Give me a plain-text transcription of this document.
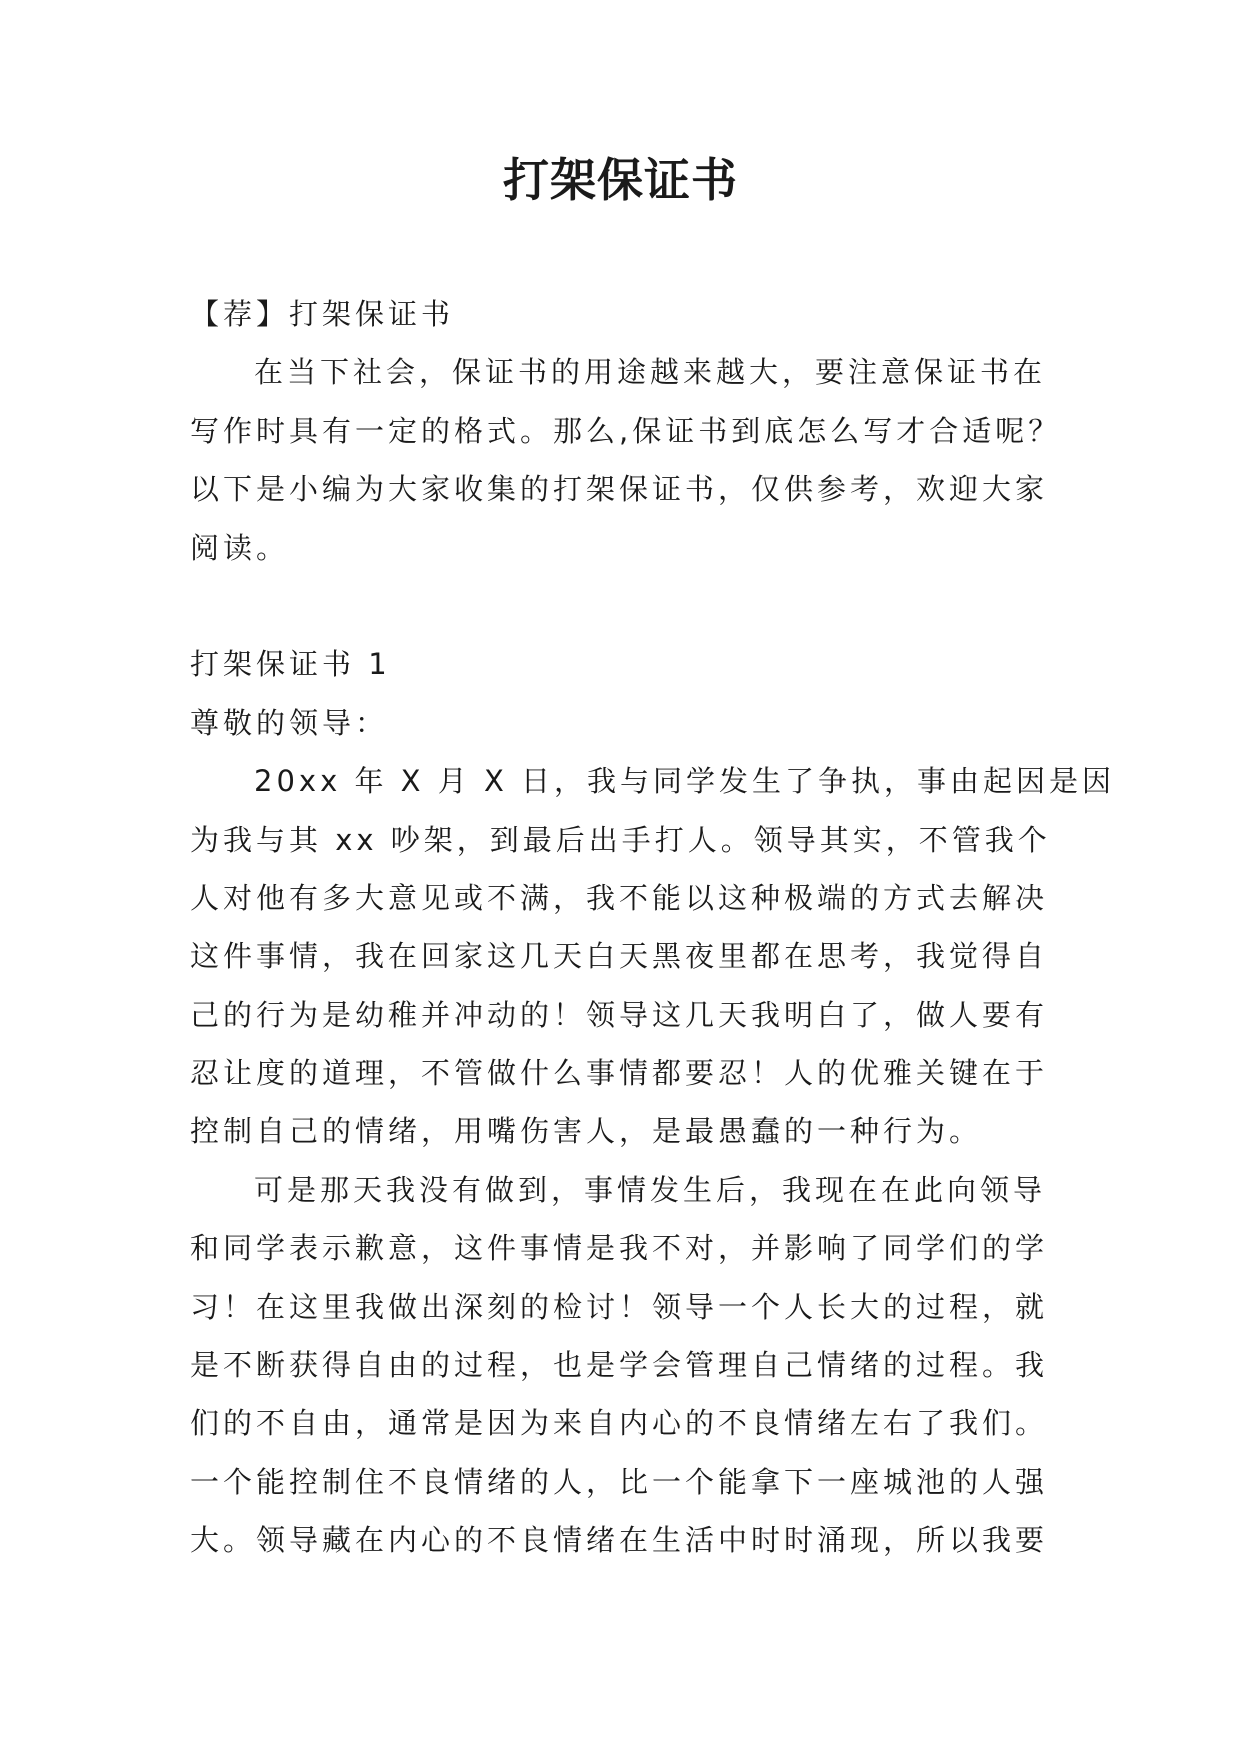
打架保证书
【荐】打架保证书
在当下社会，保证书的用途越来越大，要注意保证书在
写作时具有一定的格式。那么,保证书到底怎么写才合适呢？
以下是小编为大家收集的打架保证书，仅供参考，欢迎大家
阅读。
打架保证书 1
尊敬的领导：
20xx 年 X 月 X 日，我与同学发生了争执，事由起因是因
为我与其 xx 吵架，到最后出手打人。领导其实，不管我个
人对他有多大意见或不满，我不能以这种极端的方式去解决
这件事情，我在回家这几天白天黑夜里都在思考，我觉得自
己的行为是幼稚并冲动的！领导这几天我明白了，做人要有
忍让度的道理，不管做什么事情都要忍！人的优雅关键在于
控制自己的情绪，用嘴伤害人，是最愚蠢的一种行为。
可是那天我没有做到，事情发生后，我现在在此向领导
和同学表示歉意，这件事情是我不对，并影响了同学们的学
习！在这里我做出深刻的检讨！领导一个人长大的过程，就
是不断获得自由的过程，也是学会管理自己情绪的过程。我
们的不自由，通常是因为来自内心的不良情绪左右了我们。
一个能控制住不良情绪的人，比一个能拿下一座城池的人强
大。领导藏在内心的不良情绪在生活中时时涌现，所以我要
